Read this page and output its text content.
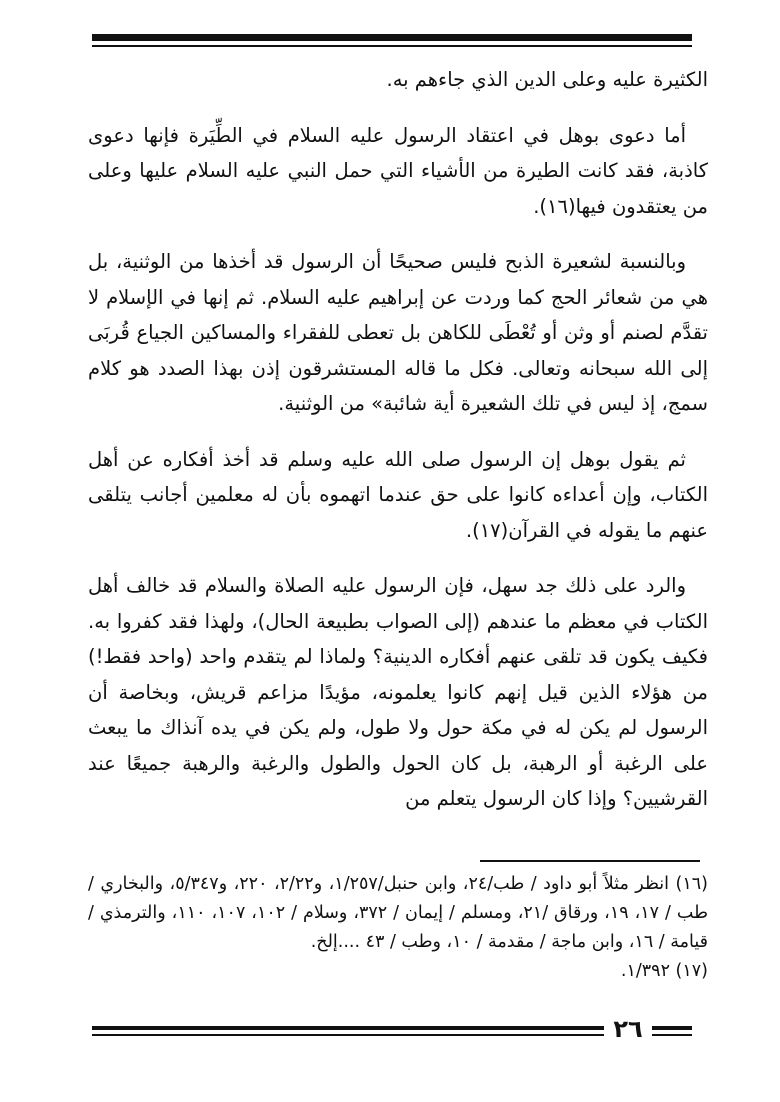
الكثيرة عليه وعلى الدين الذي جاءهم به.

أما دعوى بوهل في اعتقاد الرسول عليه السلام في الطِّيَرة فإنها دعوى كاذبة، فقد كانت الطيرة من الأشياء التي حمل النبي عليه السلام عليها وعلى من يعتقدون فيها(١٦).

وبالنسبة لشعيرة الذبح فليس صحيحًا أن الرسول قد أخذها من الوثنية، بل هي من شعائر الحج كما وردت عن إبراهيم عليه السلام. ثم إنها في الإسلام لا تقدَّم لصنم أو وثن أو تُعْطَى للكاهن بل تعطى للفقراء والمساكين الجياع قُربَى إلى الله سبحانه وتعالى. فكل ما قاله المستشرقون إذن بهذا الصدد هو كلام سمج، إذ ليس في تلك الشعيرة أية شائبة» من الوثنية.

ثم يقول بوهل إن الرسول صلى الله عليه وسلم قد أخذ أفكاره عن أهل الكتاب، وإن أعداءه كانوا على حق عندما اتهموه بأن له معلمين أجانب يتلقى عنهم ما يقوله في القرآن(١٧).

والرد على ذلك جد سهل، فإن الرسول عليه الصلاة والسلام قد خالف أهل الكتاب في معظم ما عندهم (إلى الصواب بطبيعة الحال)، ولهذا فقد كفروا به. فكيف يكون قد تلقى عنهم أفكاره الدينية؟ ولماذا لم يتقدم واحد (واحد فقط!) من هؤلاء الذين قيل إنهم كانوا يعلمونه، مؤيدًا مزاعم قريش، وبخاصة أن الرسول لم يكن له في مكة حول ولا طول، ولم يكن في يده آنذاك ما يبعث على الرغبة أو الرهبة، بل كان الحول والطول والرغبة والرهبة جميعًا عند القرشيين؟ وإذا كان الرسول يتعلم من

(١٦) انظر مثلاً أبو داود / طب/٢٤، وابن حنبل/١/٢٥٧، و٢/٢٢، ٢٢٠، و٥/٣٤٧، والبخاري / طب / ١٧، ١٩، ورقاق /٢١، ومسلم / إيمان / ٣٧٢، وسلام / ١٠٢، ١٠٧، ١١٠، والترمذي / قيامة / ١٦، وابن ماجة / مقدمة / ١٠، وطب / ٤٣ ....إلخ.

(١٧) ١/٣٩٢.

٢٦
